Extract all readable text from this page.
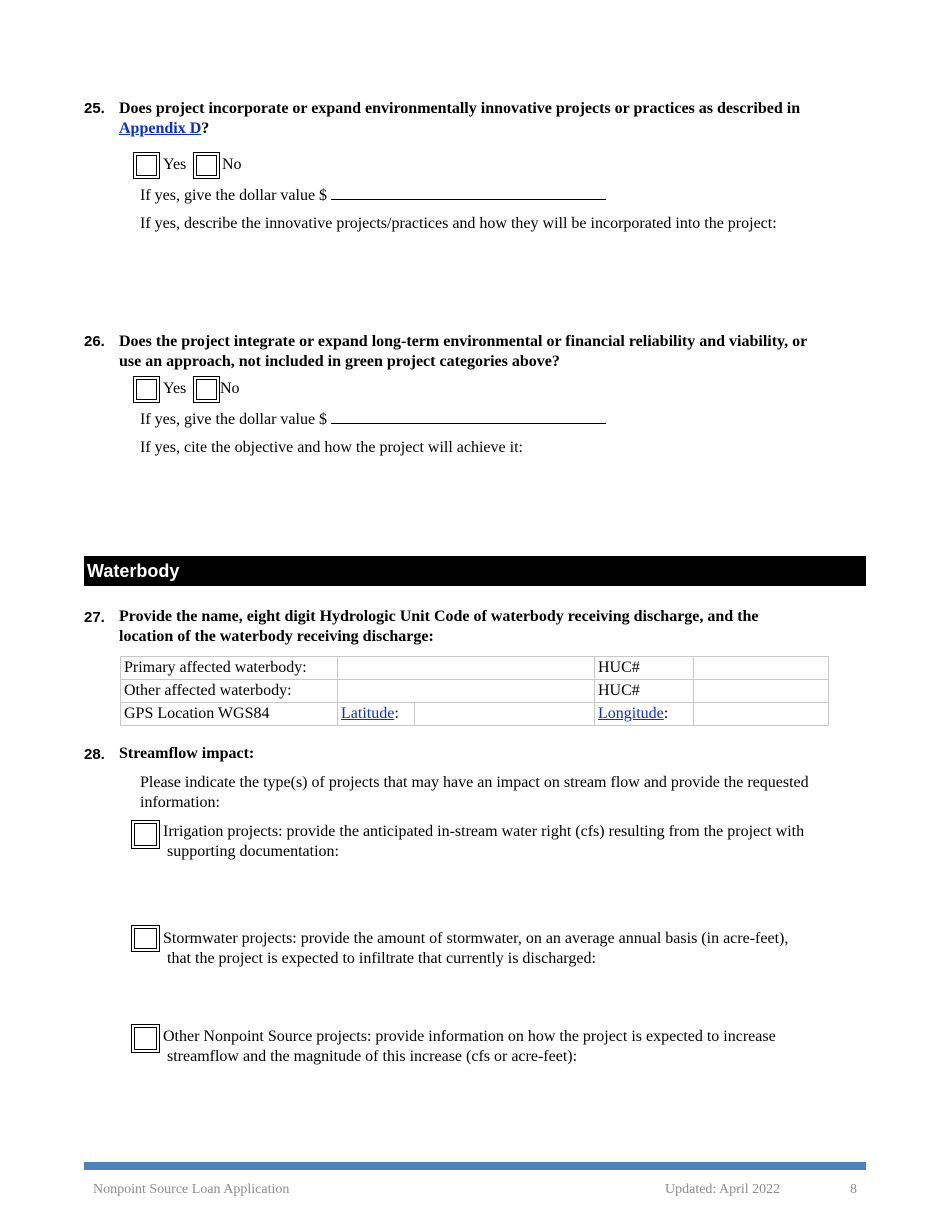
25. Does project incorporate or expand environmentally innovative projects or practices as described in
Appendix D?
Yes No
If yes, give the dollar value $
If yes, describe the innovative projects/practices and how they will be incorporated into the project:
26. Does the project integrate or expand long-term environmental or financial reliability and viability, or
use an approach, not included in green project categories above?
Yes No
If yes, give the dollar value $
If yes, cite the objective and how the project will achieve it:
Waterbody
27. Provide the name, eight digit Hydrologic Unit Code of waterbody receiving discharge, and the
location of the waterbody receiving discharge:
Primary affected waterbody:			HUC#	
Other affected waterbody:			HUC#	
GPS Location WGS84	Latitude:		Longitude:	
28. Streamflow impact:
Please indicate the type(s) of projects that may have an impact on stream flow and provide the requested
information:
Irrigation projects: provide the anticipated in-stream water right (cfs) resulting from the project with
supporting documentation:
Stormwater projects: provide the amount of stormwater, on an average annual basis (in acre-feet),
that the project is expected to infiltrate that currently is discharged:
Other Nonpoint Source projects: provide information on how the project is expected to increase
streamflow and the magnitude of this increase (cfs or acre-feet):
Nonpoint Source Loan Application	Updated: April 2022	8
